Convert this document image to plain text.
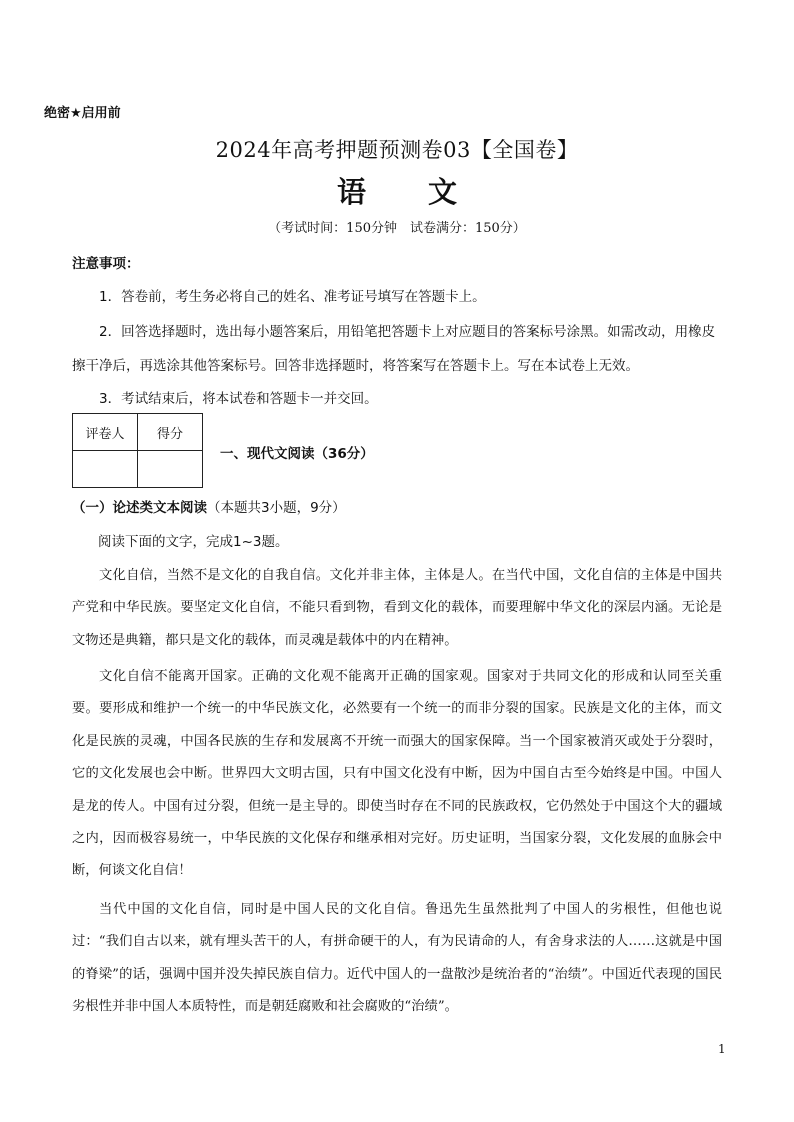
绝密★启用前
2024年高考押题预测卷03【全国卷】
语 文
（考试时间：150分钟　试卷满分：150分）
注意事项：

1．答卷前，考生务必将自己的姓名、准考证号填写在答题卡上。

2．回答选择题时，选出每小题答案后，用铅笔把答题卡上对应题目的答案标号涂黑。如需改动，用橡皮擦干净后，再选涂其他答案标号。回答非选择题时，将答案写在答题卡上。写在本试卷上无效。

3．考试结束后，将本试卷和答题卡一并交回。

评卷人	得分

一、现代文阅读（36分）
（一）论述类文本阅读（本题共3小题，9分）
阅读下面的文字，完成1~3题。

文化自信，当然不是文化的自我自信。文化并非主体，主体是人。在当代中国，文化自信的主体是中国共产党和中华民族。要坚定文化自信，不能只看到物，看到文化的载体，而要理解中华文化的深层内涵。无论是文物还是典籍，都只是文化的载体，而灵魂是载体中的内在精神。

文化自信不能离开国家。正确的文化观不能离开正确的国家观。国家对于共同文化的形成和认同至关重要。要形成和维护一个统一的中华民族文化，必然要有一个统一的而非分裂的国家。民族是文化的主体，而文化是民族的灵魂，中国各民族的生存和发展离不开统一而强大的国家保障。当一个国家被消灭或处于分裂时，它的文化发展也会中断。世界四大文明古国，只有中国文化没有中断，因为中国自古至今始终是中国。中国人是龙的传人。中国有过分裂，但统一是主导的。即使当时存在不同的民族政权，它仍然处于中国这个大的疆域之内，因而极容易统一，中华民族的文化保存和继承相对完好。历史证明，当国家分裂，文化发展的血脉会中断，何谈文化自信！

当代中国的文化自信，同时是中国人民的文化自信。鲁迅先生虽然批判了中国人的劣根性，但他也说过：“我们自古以来，就有埋头苦干的人，有拼命硬干的人，有为民请命的人，有舍身求法的人……这就是中国的脊梁”的话，强调中国并没失掉民族自信力。近代中国人的一盘散沙是统治者的“治绩”。中国近代表现的国民劣根性并非中国人本质特性，而是朝廷腐败和社会腐败的“治绩”。

1
